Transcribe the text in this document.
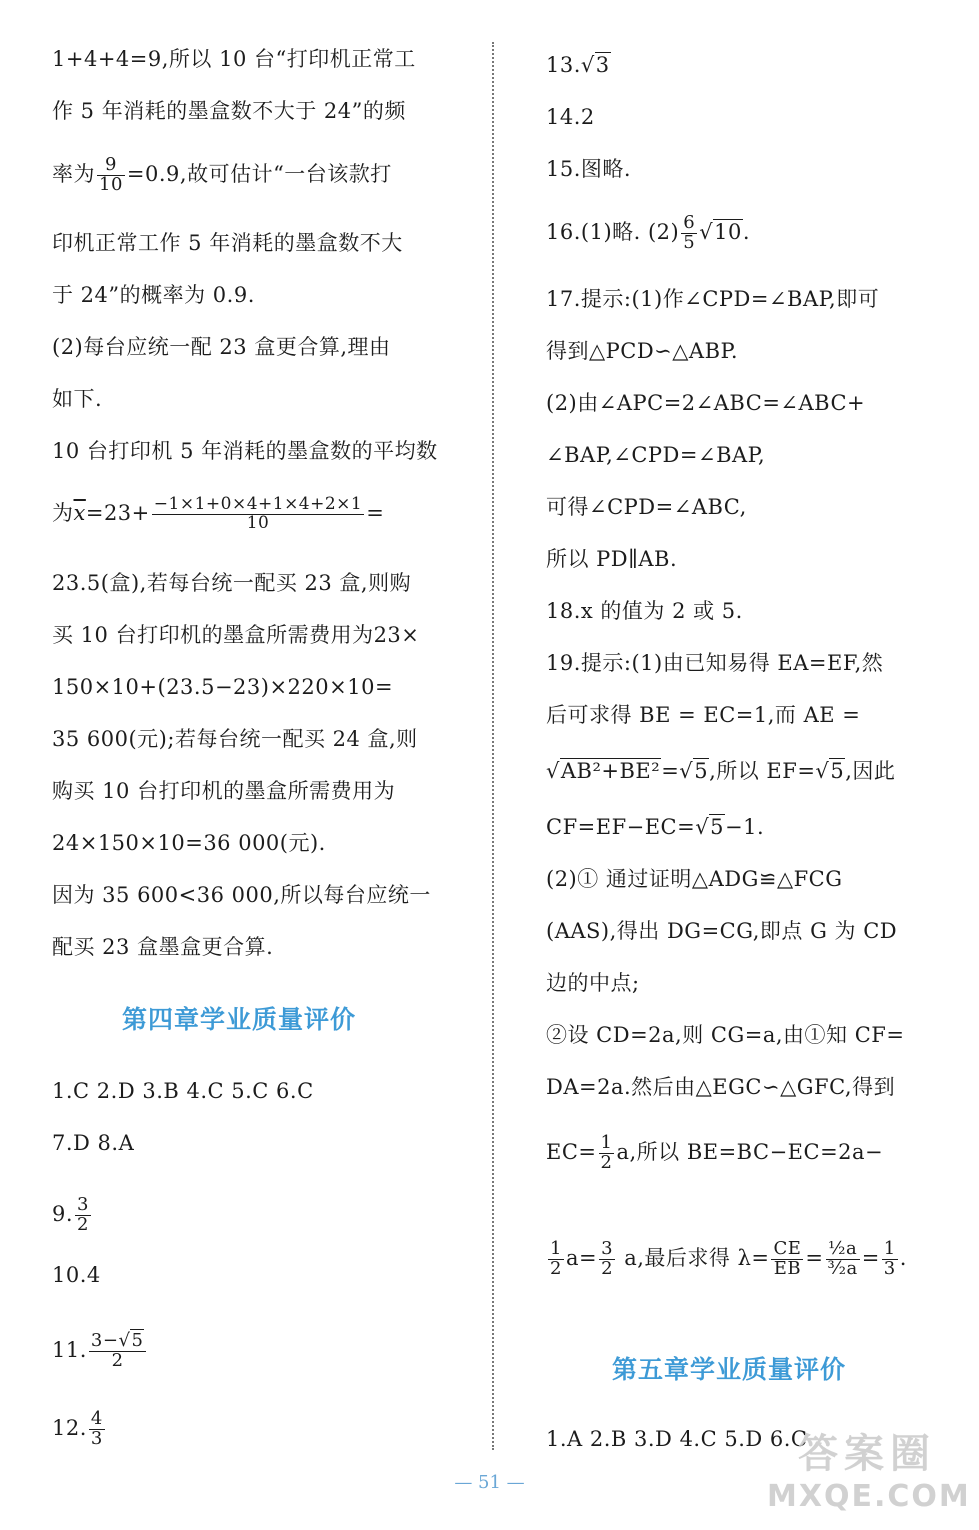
1+4+4=9,所以 10 台“打印机正常工
作 5 年消耗的墨盒数不大于 24”的频
率为 $\frac{9}{10} =0.9$,故可估计“一台该款打
印机正常工作 5 年消耗的墨盒数不大
于 24”的概率为 0.9.
(2)每台应统一配 23 盒更合算,理由
如下.
10 台打印机 5 年消耗的墨盒数的平均数
为$\overline{x}=23+ \frac{-1\times 1+0\times 4+1\times 4+2\times 1}{10}$ =
23.5(盒),若每台统一配买 23 盒,则购
买 10 台打印机的墨盒所需费用为23×
150×10+(23.5−23)×220×10=
35 600(元);若每台统一配买 24 盒,则
购买 10 台打印机的墨盒所需费用为
24×150×10=36 000(元).
因为 35 600<36 000,所以每台应统一
配买 23 盒墨盒更合算.
第四章学业质量评价
1.C 2.D 3.B 4.C 5.C 6.C
7.D 8.A
9. $\frac{3}{2}$
10.4
11. $\frac{3-√5}{2}$
12. $\frac{4}{3}$
13.√3
14.2
15.图略.
16.(1)略. $(2) \frac{6}{5} √10$.
17.提示:(1)作∠CPD=∠BAP,即可
得到△PCD∽△ABP.
(2)由∠APC=2∠ABC=∠ABC+
∠BAP,∠CPD=∠BAP,
可得∠CPD=∠ABC,
所以 PD∥AB.
18.x 的值为 2 或 5.
19.提示:(1)由已知易得 EA=EF,然
后可求得 BE = EC=1,而 AE =
√AB²+BE²=√5,所以 EF=√5,因此
CF=EF−EC=√5−1.
(2)① 通过证明△ADG≌△FCG
(AAS),得出 DG=CG,即点 G 为 CD
边的中点;
②设 CD=2a,则 CG=a,由①知 CF=
DA=2a.然后由△EGC∽△GFC,得到
$EC= \frac{1}{2} a$,所以 BE=BC−EC=2a−
$\frac{1}{2} a= \frac{3}{2} a$,最后求得 $\lambda= \frac{CE}{EB} = \frac{\text{½a}}{\text{³⁄₂a}} = \frac{1}{3}$ .
第五章学业质量评价
1.A 2.B 3.D 4.C 5.D 6.C
— 51 —
答案圈
MXQE.COM
